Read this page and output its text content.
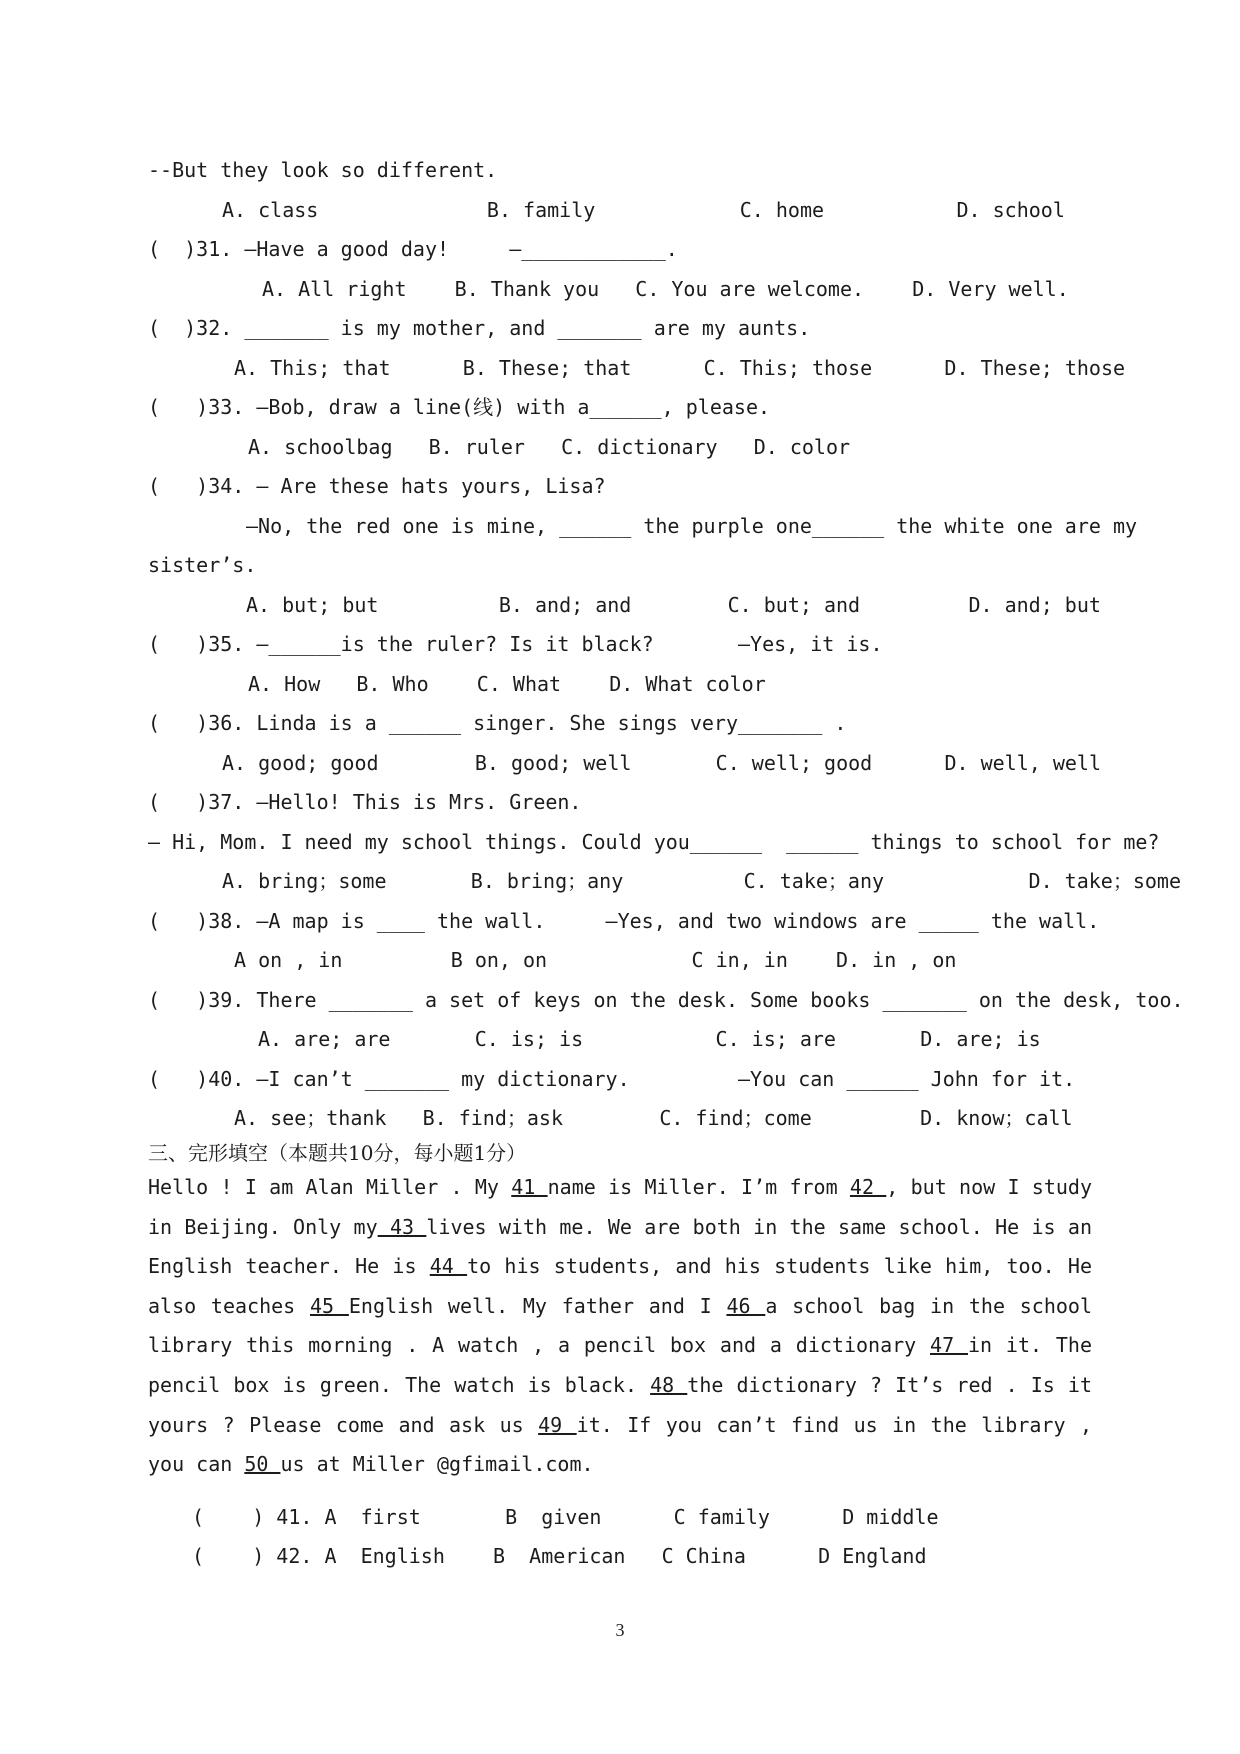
--But they look so different.
A. class              B. family            C. home           D. school
(  )31. —Have a good day!     —____________.
A. All right    B. Thank you   C. You are welcome.    D. Very well.
(  )32. _______ is my mother, and _______ are my aunts.
A. This; that      B. These; that      C. This; those      D. These; those
(   )33. —Bob, draw a line(线) with a______, please.
A. schoolbag   B. ruler   C. dictionary   D. color
(   )34. — Are these hats yours, Lisa?
—No, the red one is mine, ______ the purple one______ the white one are my
sister’s.
A. but; but          B. and; and        C. but; and         D. and; but
(   )35. —______is the ruler? Is it black?       —Yes, it is.
A. How   B. Who    C. What    D. What color
(   )36. Linda is a ______ singer. She sings very_______ .
A. good; good        B. good; well       C. well; good      D. well, well
(   )37. —Hello! This is Mrs. Green.
— Hi, Mom. I need my school things. Could you______  ______ things to school for me?
A. bring；some       B. bring；any          C. take；any            D. take；some
(   )38. —A map is ____ the wall.     —Yes, and two windows are _____ the wall.
A on , in         B on, on            C in, in    D. in , on
(   )39. There _______ a set of keys on the desk. Some books _______ on the desk, too.
A. are; are       C. is; is           C. is; are       D. are; is
(   )40. —I can’t _______ my dictionary.         —You can ______ John for it.
A. see；thank   B. find；ask        C. find；come         D. know；call
三、完形填空（本题共10分，每小题1分）

Hello ! I am Alan Miller . My 41 name is Miller. I’m from 42 , but now I study in Beijing. Only my 43 lives with me. We are both in the same school. He is an English teacher. He is 44 to his students, and his students like him, too. He also teaches 45 English well. My father and I 46 a school bag in the school library this morning . A watch , a pencil box and a dictionary 47 in it. The pencil box is green. The watch is black. 48 the dictionary ? It’s red . Is it yours ? Please come and ask us 49 it. If you can’t find us in the library , you can 50 us at Miller @gfimail.com.

(    ) 41. A  first       B  given      C family      D middle
(    ) 42. A  English    B  American   C China      D England
3
